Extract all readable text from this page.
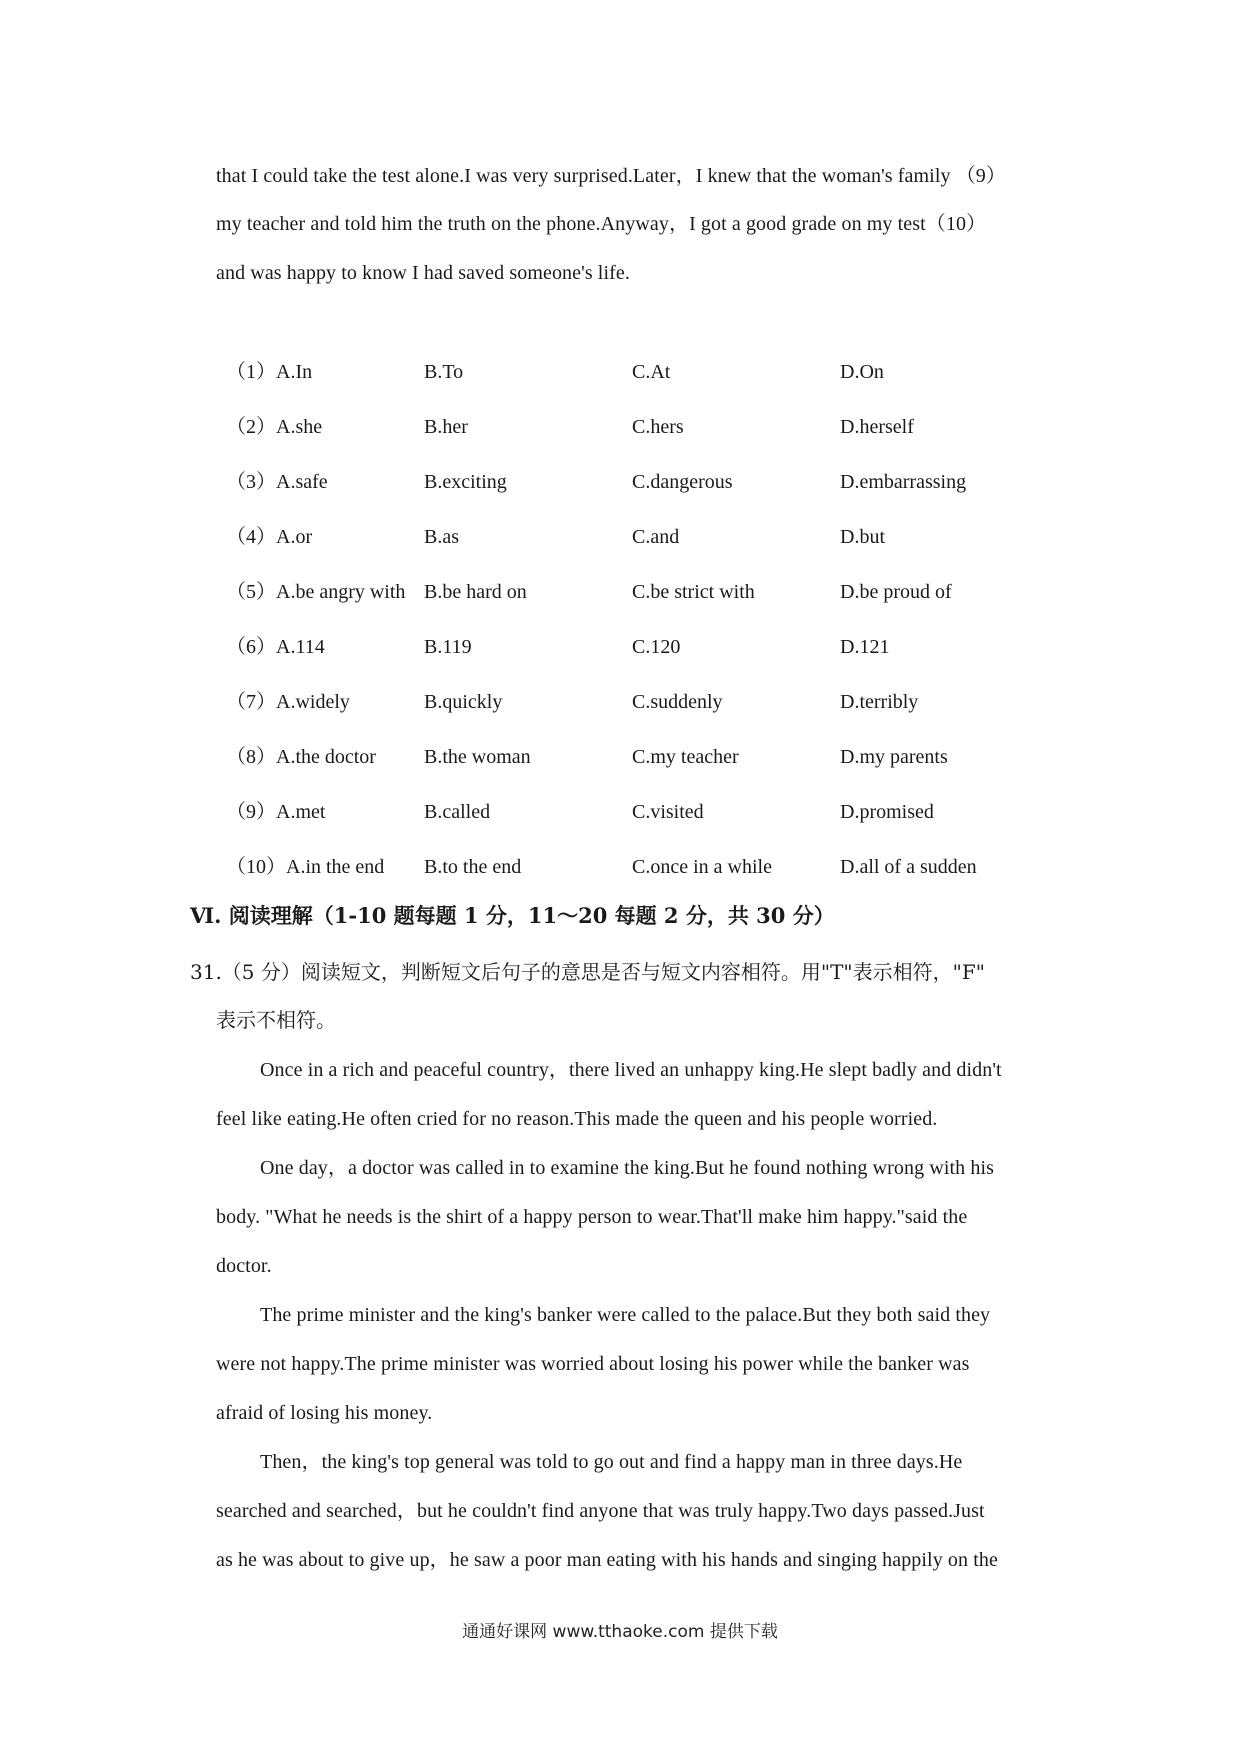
that I could take the test alone.I was very surprised.Later，I knew that the woman's family （9）
my teacher and told him the truth on the phone.Anyway，I got a good grade on my test（10）
and was happy to know I had saved someone's life.
（1）A.In	B.To	C.At	D.On
（2）A.she	B.her	C.hers	D.herself
（3）A.safe	B.exciting	C.dangerous	D.embarrassing
（4）A.or	B.as	C.and	D.but
（5）A.be angry with B.be hard on	C.be strict with	D.be proud of
（6）A.114	B.119	C.120	D.121
（7）A.widely	B.quickly	C.suddenly	D.terribly
（8）A.the doctor B.the woman	C.my teacher	D.my parents
（9）A.met	B.called	C.visited	D.promised
（10）A.in the end B.to the end	C.once in a while	D.all of a sudden
Ⅵ. 阅读理解（1-10 题每题 1 分，11～20 每题 2 分，共 30 分）
31.（5 分）阅读短文，判断短文后句子的意思是否与短文内容相符。用"T"表示相符，"F"
表示不相符。
Once in a rich and peaceful country，there lived an unhappy king.He slept badly and didn't
feel like eating.He often cried for no reason.This made the queen and his people worried.
One day，a doctor was called in to examine the king.But he found nothing wrong with his
body. "What he needs is the shirt of a happy person to wear.That'll make him happy."said the
doctor.
The prime minister and the king's banker were called to the palace.But they both said they
were not happy.The prime minister was worried about losing his power while the banker was
afraid of losing his money.
Then，the king's top general was told to go out and find a happy man in three days.He
searched and searched，but he couldn't find anyone that was truly happy.Two days passed.Just
as he was about to give up，he saw a poor man eating with his hands and singing happily on the
通通好课网 www.tthaoke.com 提供下载
